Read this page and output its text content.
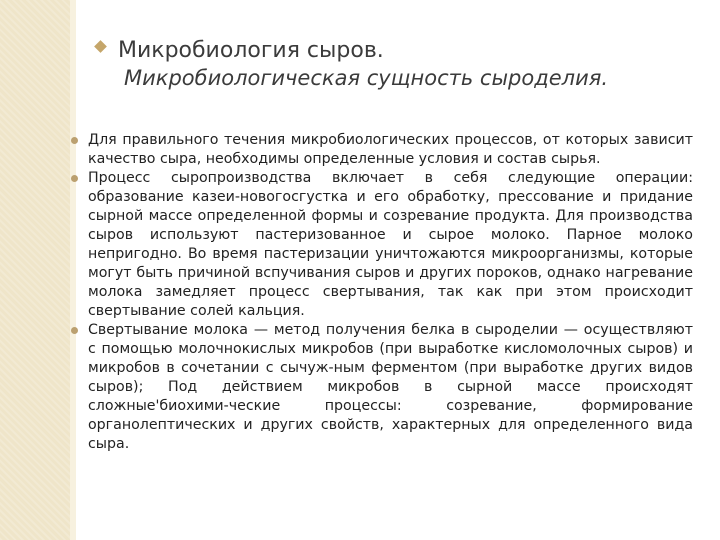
Микробиология сыров.
Микробиологическая сущность сыроделия.
Для правильного течения микробиологических процессов, от которых зависит качество сыра, необходимы определенные условия и состав сырья.
Процесс сыропроизводства включает в себя следующие операции: образование казеи-новогосгустка и его обработку, прессование и придание сырной массе определенной формы и созревание продукта. Для производства сыров используют пастеризованное и сырое молоко. Парное молоко непригодно. Во время пастеризации уничтожаются микроорганизмы, которые могут быть причиной вспучивания сыров и других пороков, однако нагревание молока замедляет процесс свертывания, так как при этом происходит свертывание солей кальция.
Свертывание молока — метод получения белка в сыроделии — осуществляют с помощью молочнокислых микробов (при выработке кисломолочных сыров) и микробов в сочетании с сычуж-ным ферментом (при выработке других видов сыров); Под действием микробов в сырной массе происходят сложные'биохими-ческие процессы: созревание, формирование органолептических и других свойств, характерных для определенного вида сыра.
